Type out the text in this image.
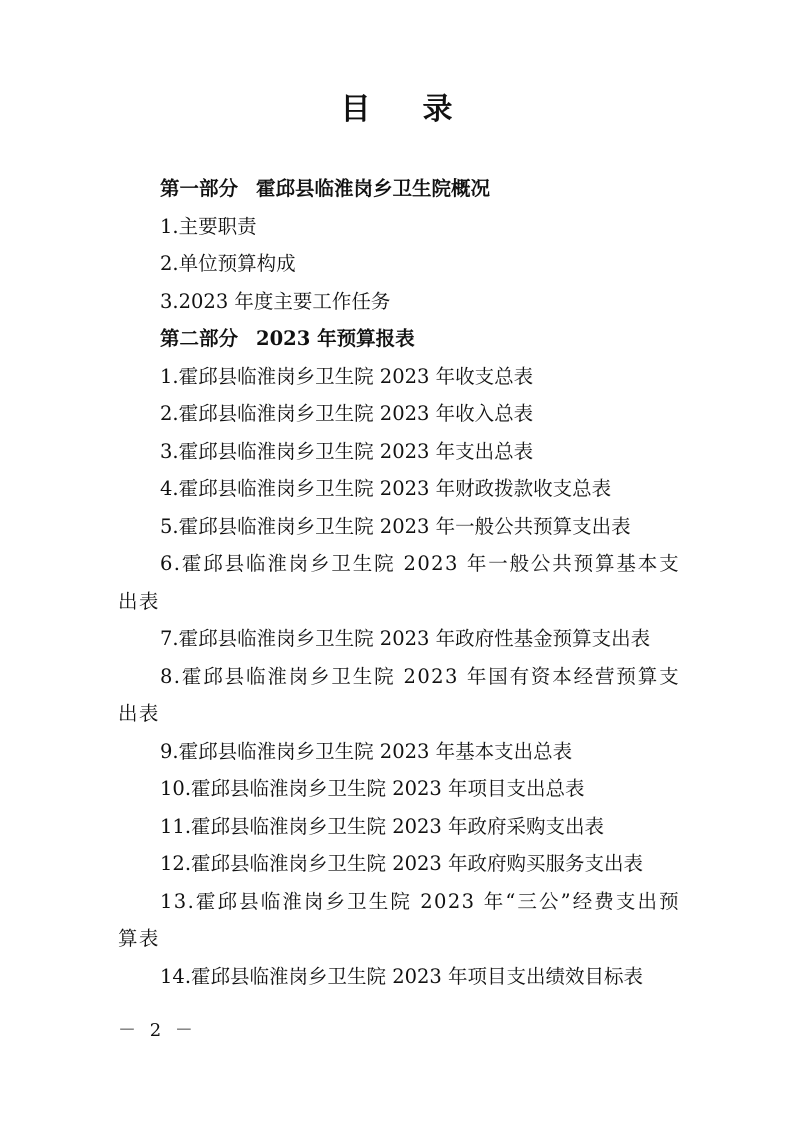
目录
第一部分 霍邱县临淮岗乡卫生院概况
1.主要职责
2.单位预算构成
3.2023 年度主要工作任务
第二部分 2023 年预算报表
1.霍邱县临淮岗乡卫生院 2023 年收支总表
2.霍邱县临淮岗乡卫生院 2023 年收入总表
3.霍邱县临淮岗乡卫生院 2023 年支出总表
4.霍邱县临淮岗乡卫生院 2023 年财政拨款收支总表
5.霍邱县临淮岗乡卫生院 2023 年一般公共预算支出表
6.霍邱县临淮岗乡卫生院 2023 年一般公共预算基本支出表
7.霍邱县临淮岗乡卫生院 2023 年政府性基金预算支出表
8.霍邱县临淮岗乡卫生院 2023 年国有资本经营预算支出表
9.霍邱县临淮岗乡卫生院 2023 年基本支出总表
10.霍邱县临淮岗乡卫生院 2023 年项目支出总表
11.霍邱县临淮岗乡卫生院 2023 年政府采购支出表
12.霍邱县临淮岗乡卫生院 2023 年政府购买服务支出表
13.霍邱县临淮岗乡卫生院 2023 年“三公”经费支出预算表
14.霍邱县临淮岗乡卫生院 2023 年项目支出绩效目标表
－ 2 －
